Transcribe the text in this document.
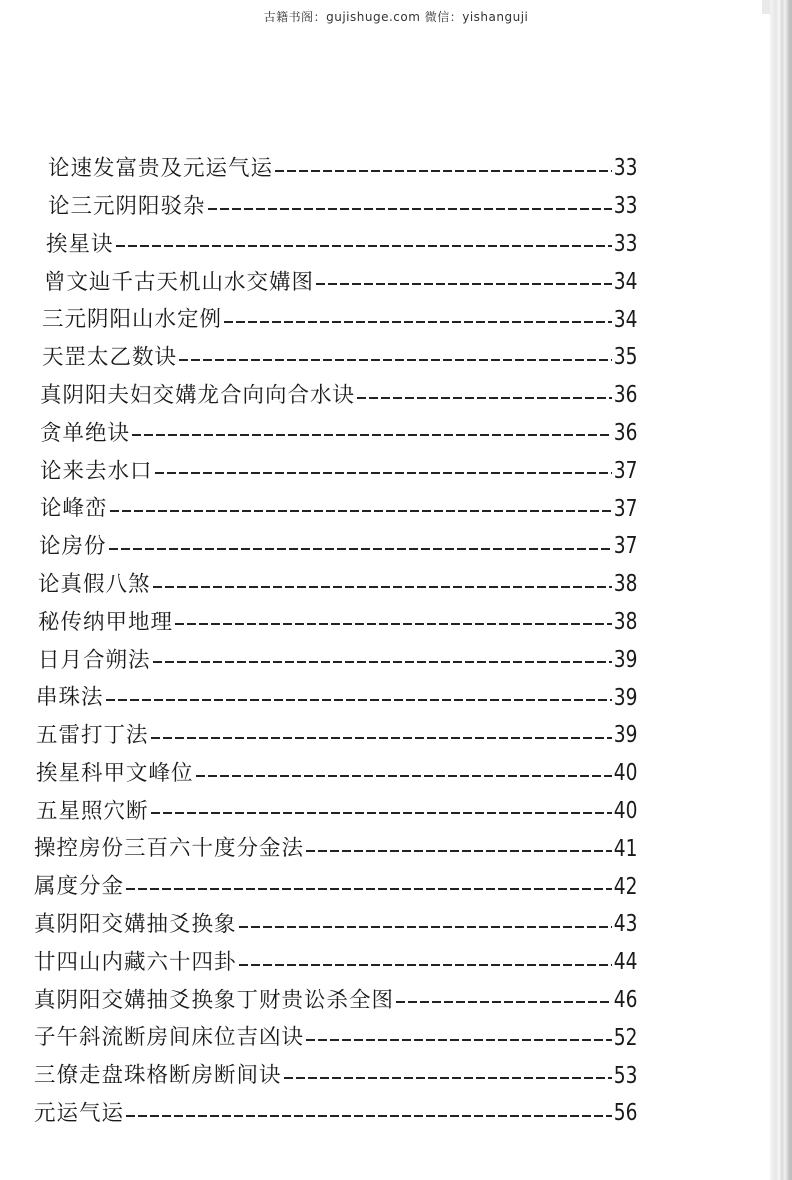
古籍书阁：gujishuge.com 微信：yishanguji
论速发富贵及元运气运	33
论三元阴阳驳杂	33
挨星诀	33
曾文辿千古天机山水交媾图	34
三元阴阳山水定例	34
天罡太乙数诀	35
真阴阳夫妇交媾龙合向向合水诀	36
贪单绝诀	36
论来去水口	37
论峰峦	37
论房份	37
论真假八煞	38
秘传纳甲地理	38
日月合朔法	39
串珠法	39
五雷打丁法	39
挨星科甲文峰位	40
五星照穴断	40
操控房份三百六十度分金法	41
属度分金	42
真阴阳交媾抽爻换象	43
廿四山内藏六十四卦	44
真阴阳交媾抽爻换象丁财贵讼杀全图	46
子午斜流断房间床位吉凶诀	52
三僚走盘珠格断房断间诀	53
元运气运	56
